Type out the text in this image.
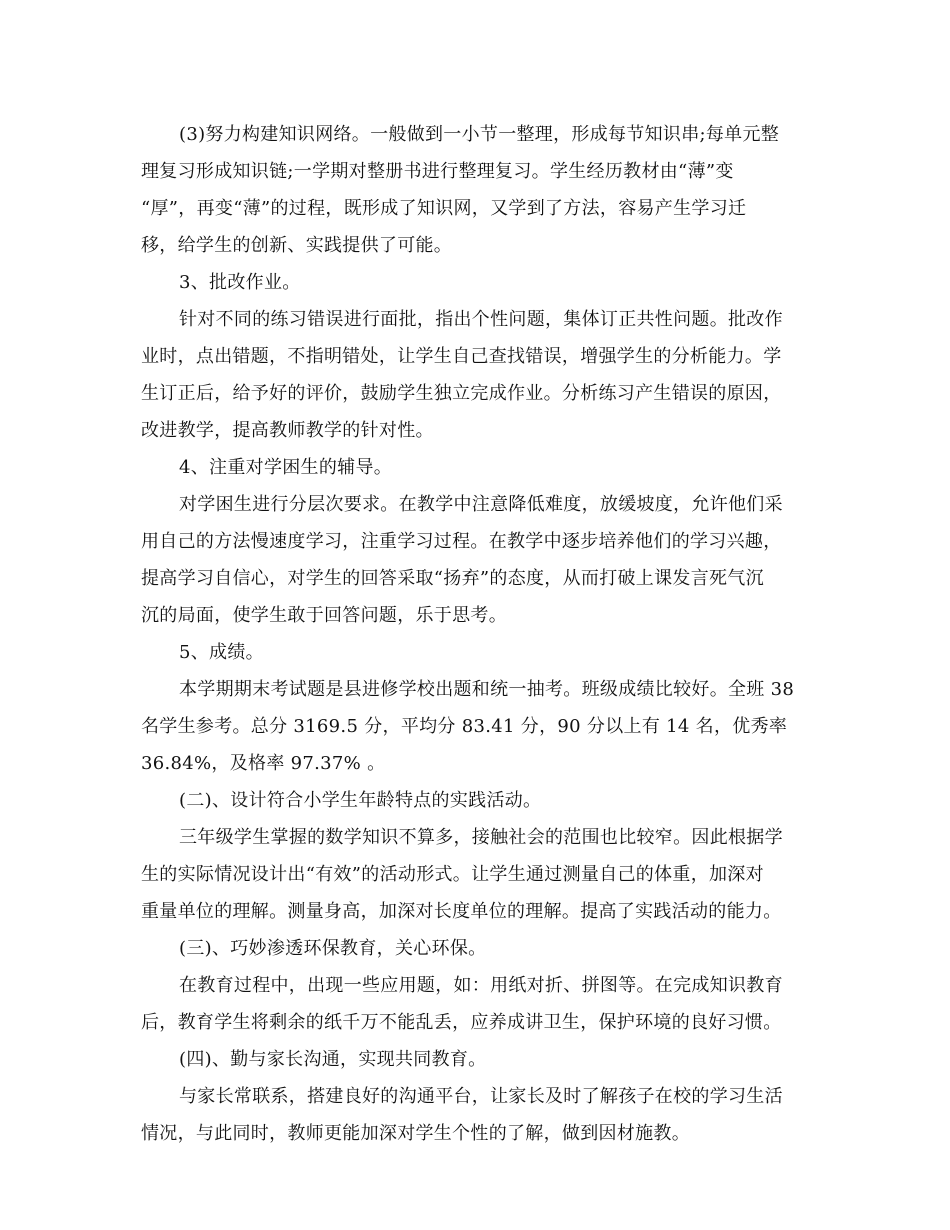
(3)努力构建知识网络。一般做到一小节一整理，形成每节知识串;每单元整
理复习形成知识链;一学期对整册书进行整理复习。学生经历教材由“薄”变
“厚”，再变“薄”的过程，既形成了知识网，又学到了方法，容易产生学习迁
移，给学生的创新、实践提供了可能。
3、批改作业。
针对不同的练习错误进行面批，指出个性问题，集体订正共性问题。批改作
业时，点出错题，不指明错处，让学生自己查找错误，增强学生的分析能力。学
生订正后，给予好的评价，鼓励学生独立完成作业。分析练习产生错误的原因，
改进教学，提高教师教学的针对性。
4、注重对学困生的辅导。
对学困生进行分层次要求。在教学中注意降低难度，放缓坡度，允许他们采
用自己的方法慢速度学习，注重学习过程。在教学中逐步培养他们的学习兴趣，
提高学习自信心，对学生的回答采取“扬弃”的态度，从而打破上课发言死气沉
沉的局面，使学生敢于回答问题，乐于思考。
5、成绩。
本学期期末考试题是县进修学校出题和统一抽考。班级成绩比较好。全班 38
名学生参考。总分 3169.5 分，平均分 83.41 分，90 分以上有 14 名，优秀率
36.84%，及格率 97.37% 。
(二)、设计符合小学生年龄特点的实践活动。
三年级学生掌握的数学知识不算多，接触社会的范围也比较窄。因此根据学
生的实际情况设计出“有效”的活动形式。让学生通过测量自己的体重，加深对
重量单位的理解。测量身高，加深对长度单位的理解。提高了实践活动的能力。
(三)、巧妙渗透环保教育，关心环保。
在教育过程中，出现一些应用题，如：用纸对折、拼图等。在完成知识教育
后，教育学生将剩余的纸千万不能乱丢，应养成讲卫生，保护环境的良好习惯。
(四)、勤与家长沟通，实现共同教育。
与家长常联系，搭建良好的沟通平台，让家长及时了解孩子在校的学习生活
情况，与此同时，教师更能加深对学生个性的了解，做到因材施教。
